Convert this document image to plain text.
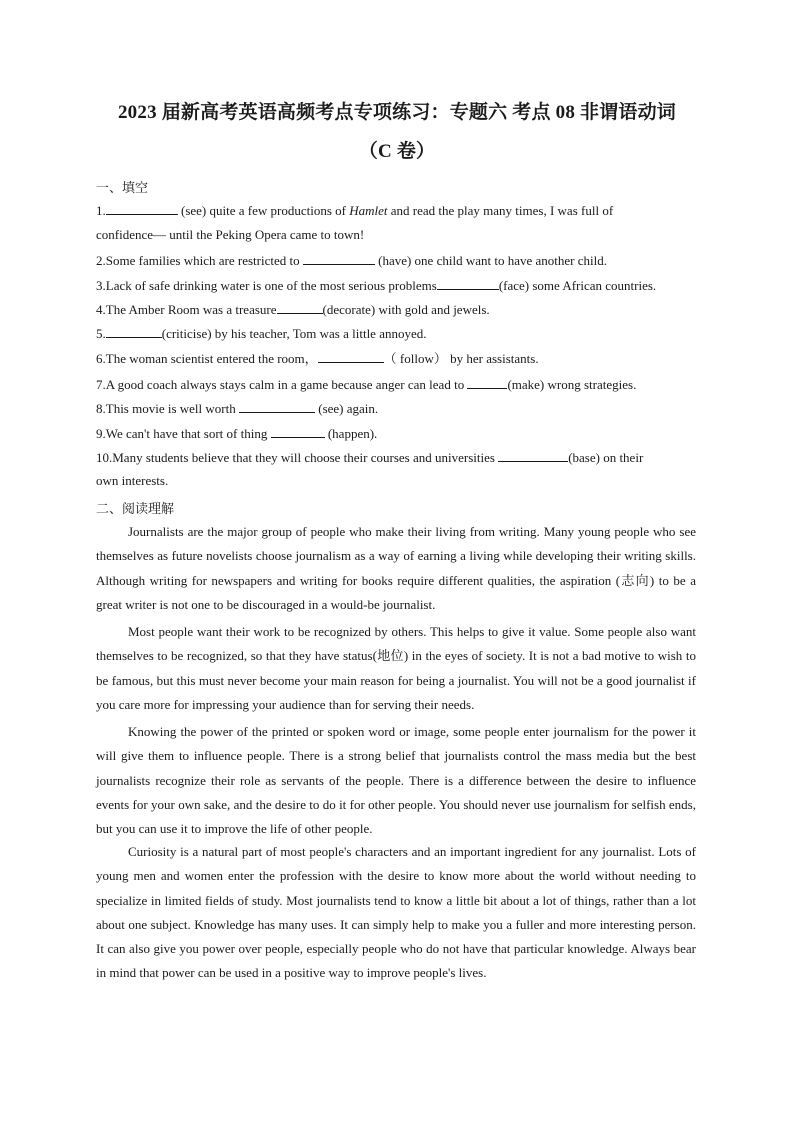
2023 届新高考英语高频考点专项练习：专题六 考点 08 非谓语动词
（C 卷）
一、填空
1.	(see) quite a few productions of Hamlet and read the play many times, I was full of
confidence— until the Peking Opera came to town!
2.Some families which are restricted to	(have) one child want to have another child.
3.Lack of safe drinking water is one of the most serious problems	(face) some African countries.
4.The Amber Room was a treasure	(decorate) with gold and jewels.
5.	(criticise) by his teacher, Tom was a little annoyed.
6.The woman scientist entered the room，	（ follow） by her assistants.
7.A good coach always stays calm in a game because anger can lead to	(make) wrong strategies.
8.This movie is well worth	(see) again.
9.We can't have that sort of thing	(happen).
10.Many students believe that they will choose their courses and universities	(base) on their
own interests.
二、阅读理解
Journalists are the major group of people who make their living from writing. Many young people who see themselves as future novelists choose journalism as a way of earning a living while developing their writing skills. Although writing for newspapers and writing for books require different qualities, the aspiration (志向) to be a great writer is not one to be discouraged in a would-be journalist.
Most people want their work to be recognized by others. This helps to give it value. Some people also want themselves to be recognized, so that they have status(地位) in the eyes of society. It is not a bad motive to wish to be famous, but this must never become your main reason for being a journalist. You will not be a good journalist if you care more for impressing your audience than for serving their needs.
Knowing the power of the printed or spoken word or image, some people enter journalism for the power it will give them to influence people. There is a strong belief that journalists control the mass media but the best journalists recognize their role as servants of the people. There is a difference between the desire to influence events for your own sake, and the desire to do it for other people. You should never use journalism for selfish ends, but you can use it to improve the life of other people.
Curiosity is a natural part of most people's characters and an important ingredient for any journalist. Lots of young men and women enter the profession with the desire to know more about the world without needing to specialize in limited fields of study. Most journalists tend to know a little bit about a lot of things, rather than a lot about one subject. Knowledge has many uses. It can simply help to make you a fuller and more interesting person. It can also give you power over people, especially people who do not have that particular knowledge. Always bear in mind that power can be used in a positive way to improve people's lives.
